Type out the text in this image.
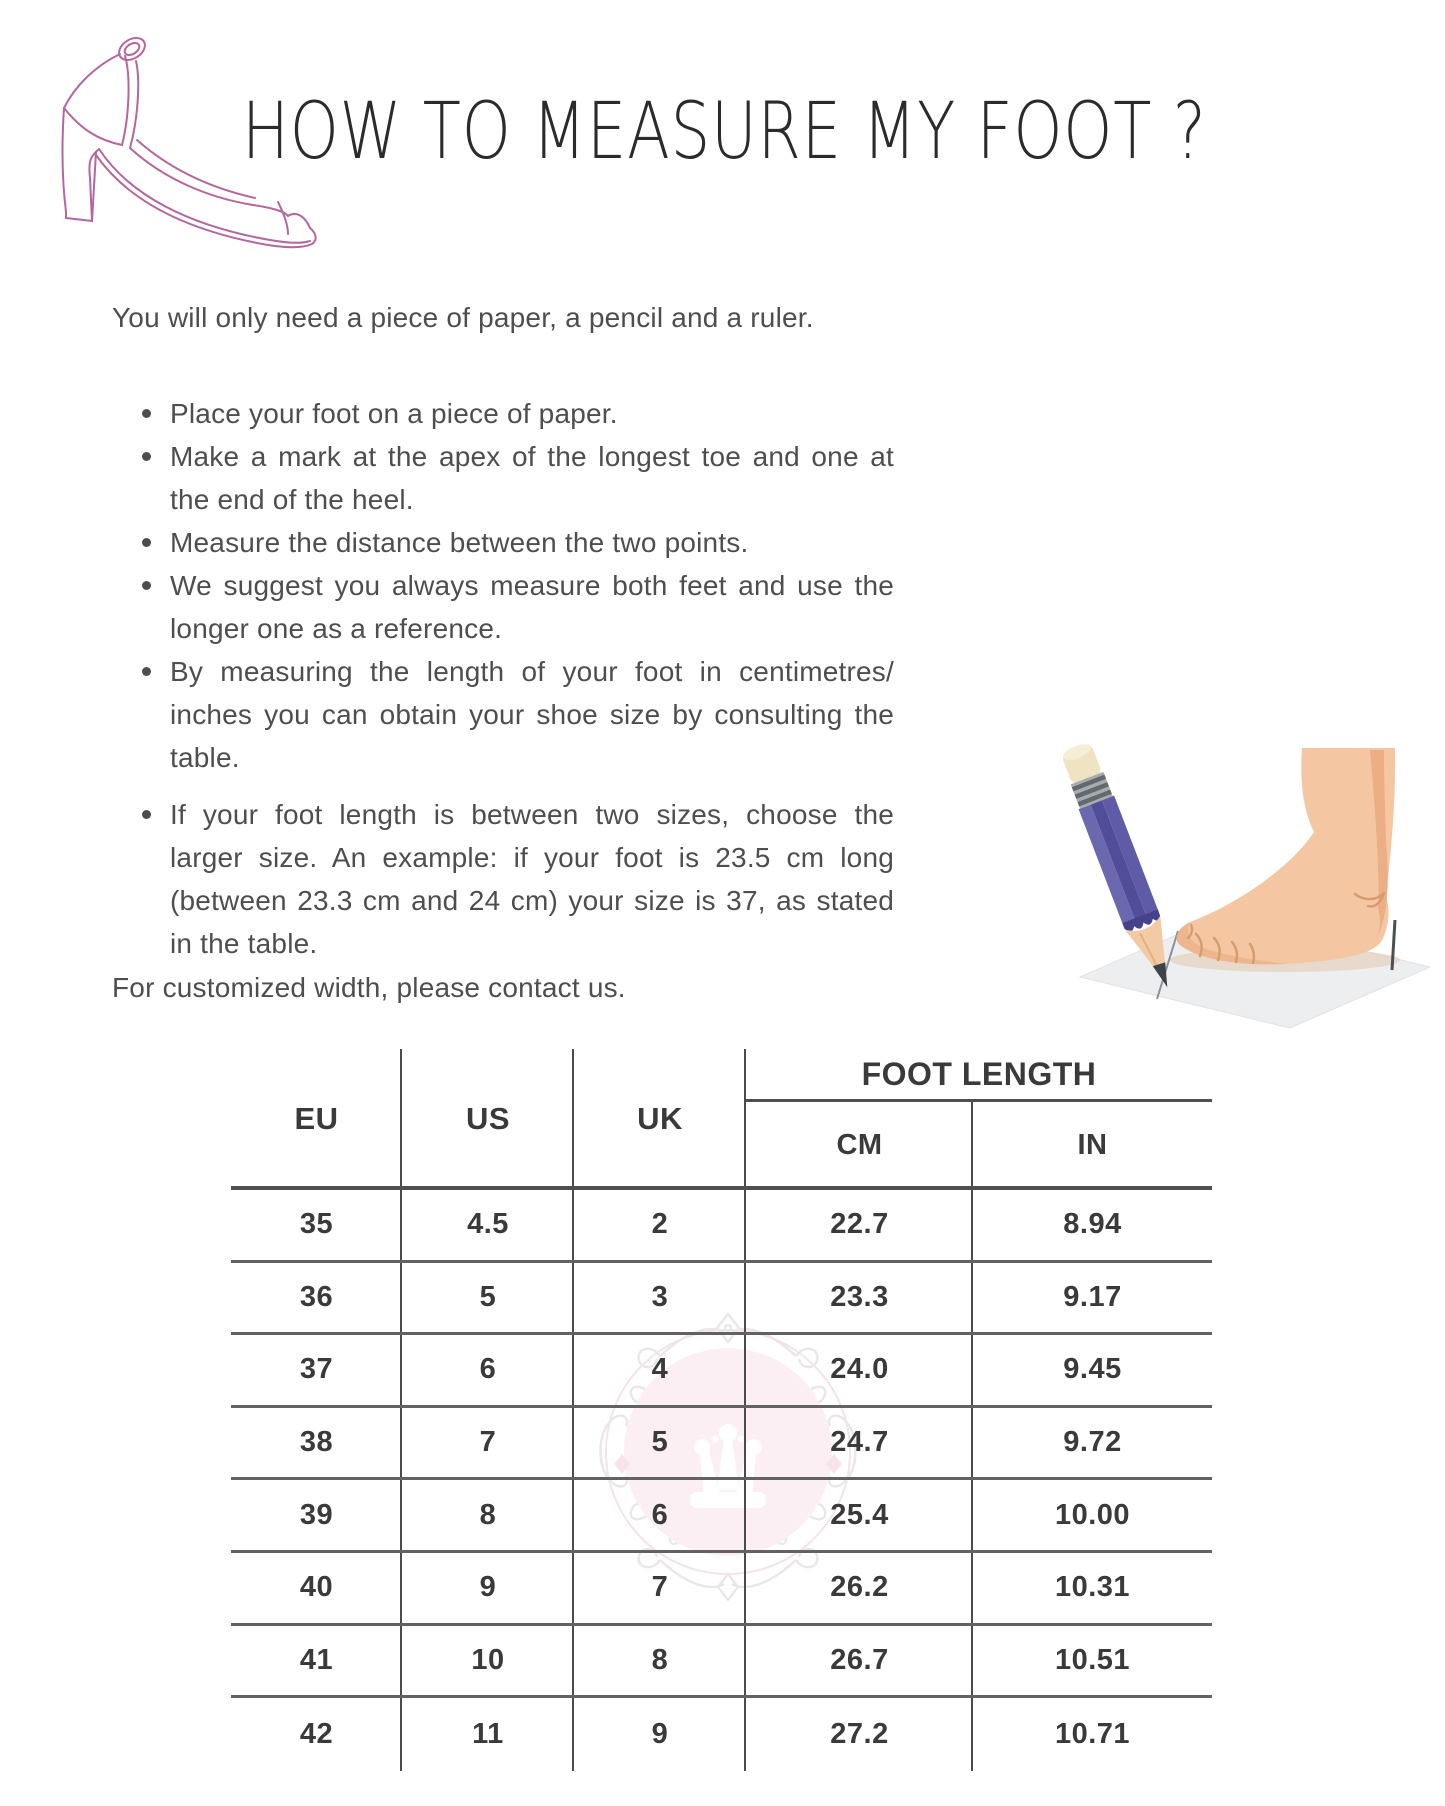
HOW TO MEASURE MY FOOT ?
You will only need a piece of paper, a pencil and a ruler.
Place your foot on a piece of paper.
Make a mark at the apex of the longest toe and one at the end of the heel.
Measure the distance between the two points.
We suggest you always measure both feet and use the longer one as a reference.
By measuring the length of your foot in centimetres/ inches you can obtain your shoe size by consulting the table.
If your foot length is between two sizes, choose the larger size. An example: if your foot is 23.5 cm long (between 23.3 cm and 24 cm) your size is 37, as stated in the table.
For customized width, please contact us.
EU	US	UK
FOOT LENGTH
CM	IN
35	4.5	2	22.7	8.94
36	5	3	23.3	9.17
37	6	4	24.0	9.45
38	7	5	24.7	9.72
39	8	6	25.4	10.00
40	9	7	26.2	10.31
41	10	8	26.7	10.51
42	11	9	27.2	10.71
